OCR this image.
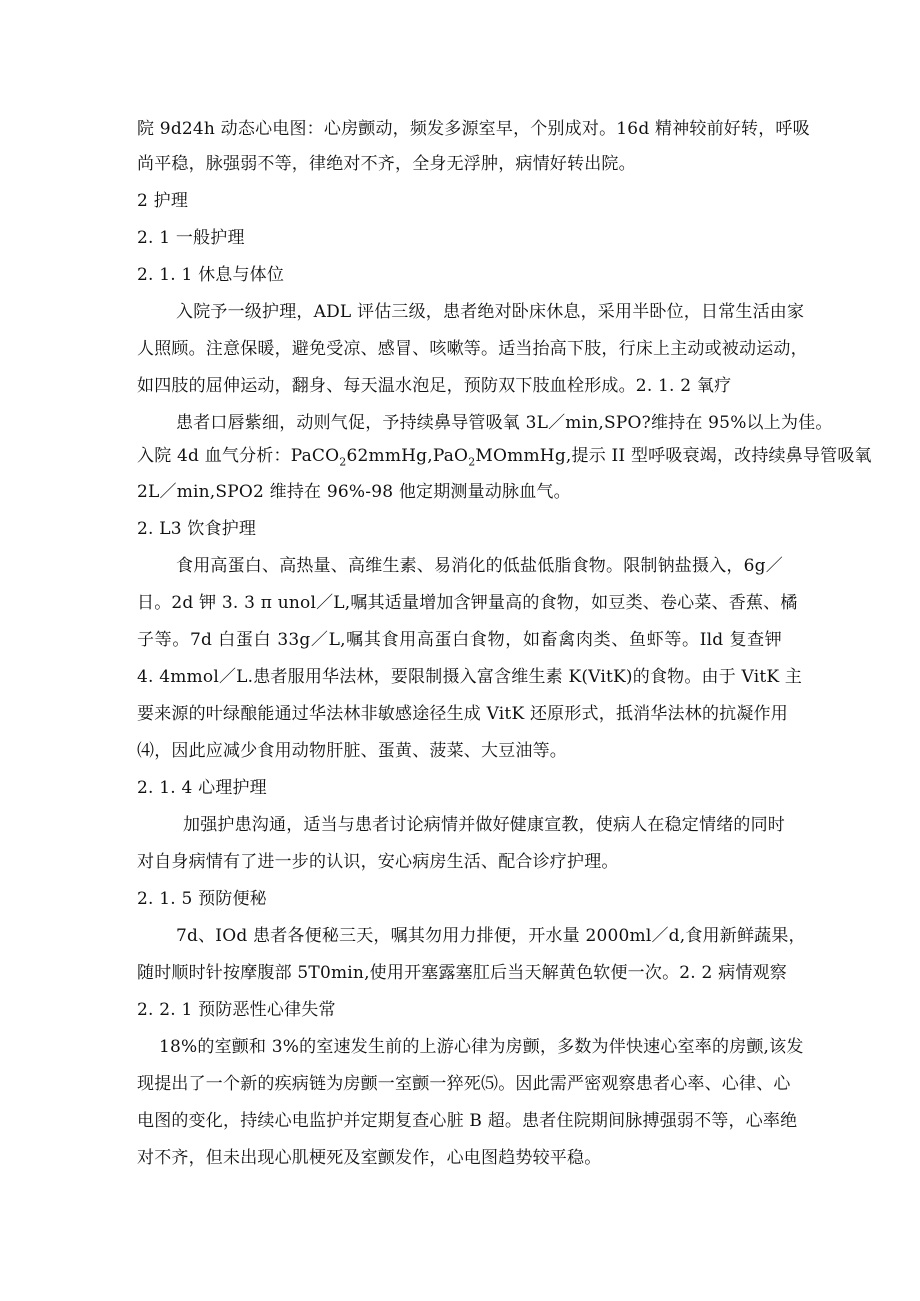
院 9d24h 动态心电图：心房颤动，频发多源室早，个别成对。16d 精神较前好转，呼吸
尚平稳，脉强弱不等，律绝对不齐，全身无浮肿，病情好转出院。
2 护理
2. 1 一般护理
2. 1. 1 休息与体位
入院予一级护理，ADL 评估三级，患者绝对卧床休息，采用半卧位，日常生活由家
人照顾。注意保暖，避免受凉、感冒、咳嗽等。适当抬高下肢，行床上主动或被动运动，
如四肢的屈伸运动，翻身、每天温水泡足，预防双下肢血栓形成。2. 1. 2 氧疗
患者口唇紫细，动则气促，予持续鼻导管吸氧 3L／min,SPO?维持在 95%以上为佳。
入院 4d 血气分析：PaCO$_2$62mmHg,PaO$_2$MOmmHg,提示 II 型呼吸衰竭，改持续鼻导管吸氧
2L／min,SPO2 维持在 96%-98 他定期测量动脉血气。
2. L3 饮食护理
食用高蛋白、高热量、高维生素、易消化的低盐低脂食物。限制钠盐摄入，6g／
日。2d 钾 3. 3 π unol／L,嘱其适量增加含钾量高的食物，如豆类、卷心菜、香蕉、橘
子等。7d 白蛋白 33g／L,嘱其食用高蛋白食物，如畜禽肉类、鱼虾等。Ild 复查钾
4. 4mmol／L.患者服用华法林，要限制摄入富含维生素 K(VitK)的食物。由于 VitK 主
要来源的叶绿酿能通过华法林非敏感途径生成 VitK 还原形式，抵消华法林的抗凝作用
⑷，因此应减少食用动物肝脏、蛋黄、菠菜、大豆油等。
2. 1. 4 心理护理
加强护患沟通，适当与患者讨论病情并做好健康宣教，使病人在稳定情绪的同时
对自身病情有了进一步的认识，安心病房生活、配合诊疗护理。
2. 1. 5 预防便秘
7d、IOd 患者各便秘三天，嘱其勿用力排便，开水量 2000ml／d,食用新鲜蔬果，
随时顺时针按摩腹部 5T0min,使用开塞露塞肛后当天解黄色软便一次。2. 2 病情观察
2. 2. 1 预防恶性心律失常
18%的室颤和 3%的室速发生前的上游心律为房颤，多数为伴快速心室率的房颤,该发
现提出了一个新的疾病链为房颤一室颤一猝死⑸。因此需严密观察患者心率、心律、心
电图的变化，持续心电监护并定期复查心脏 B 超。患者住院期间脉搏强弱不等，心率绝
对不齐，但未出现心肌梗死及室颤发作，心电图趋势较平稳。
